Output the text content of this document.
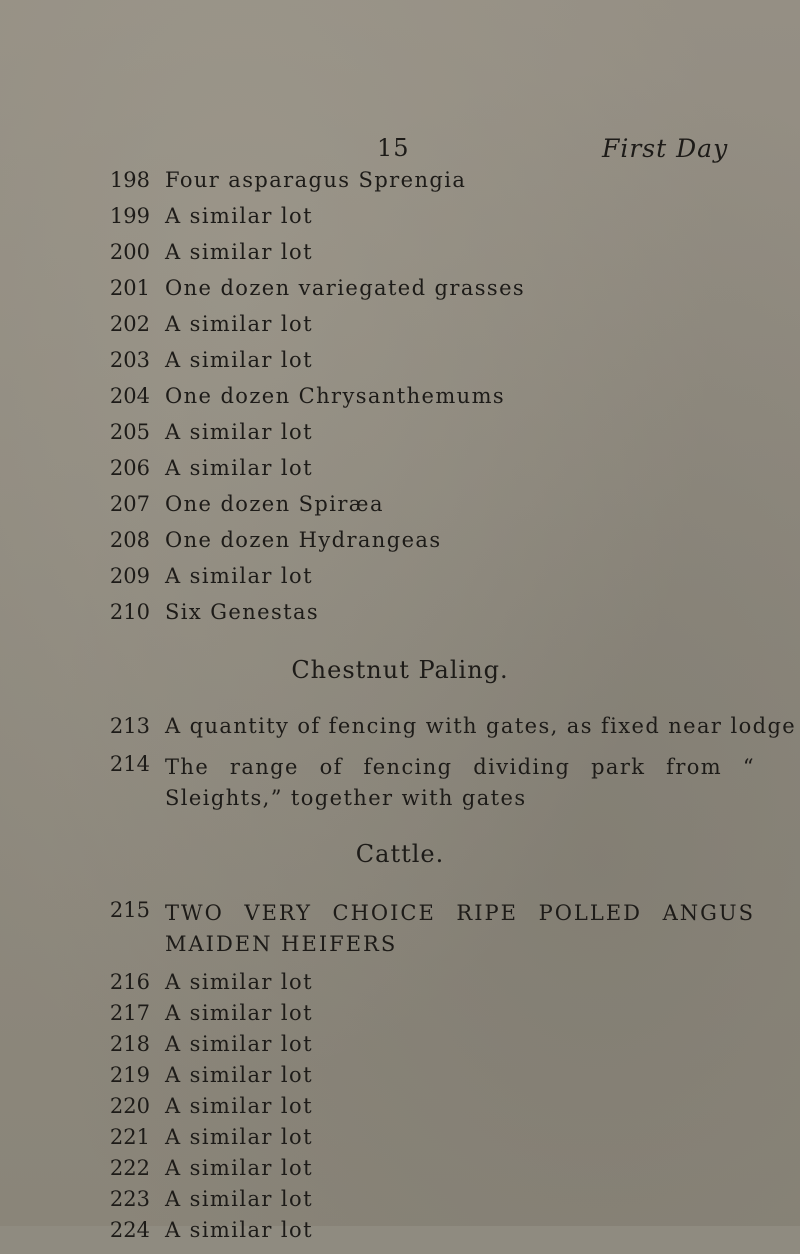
15	First Day
198 Four asparagus Sprengia
199 A similar lot
200 A similar lot
201 One dozen variegated grasses
202 A similar lot
203 A similar lot
204 One dozen Chrysanthemums
205 A similar lot
206 A similar lot
207 One dozen Spiræa
208 One dozen Hydrangeas
209 A similar lot
210 Six Genestas
Chestnut Paling.
213 A quantity of fencing with gates, as fixed near lodge
214 The range of fencing dividing park from “ Sleights,” together with gates
Cattle.
215 TWO VERY CHOICE RIPE POLLED ANGUS MAIDEN HEIFERS
216 A similar lot
217 A similar lot
218 A similar lot
219 A similar lot
220 A similar lot
221 A similar lot
222 A similar lot
223 A similar lot
224 A similar lot
